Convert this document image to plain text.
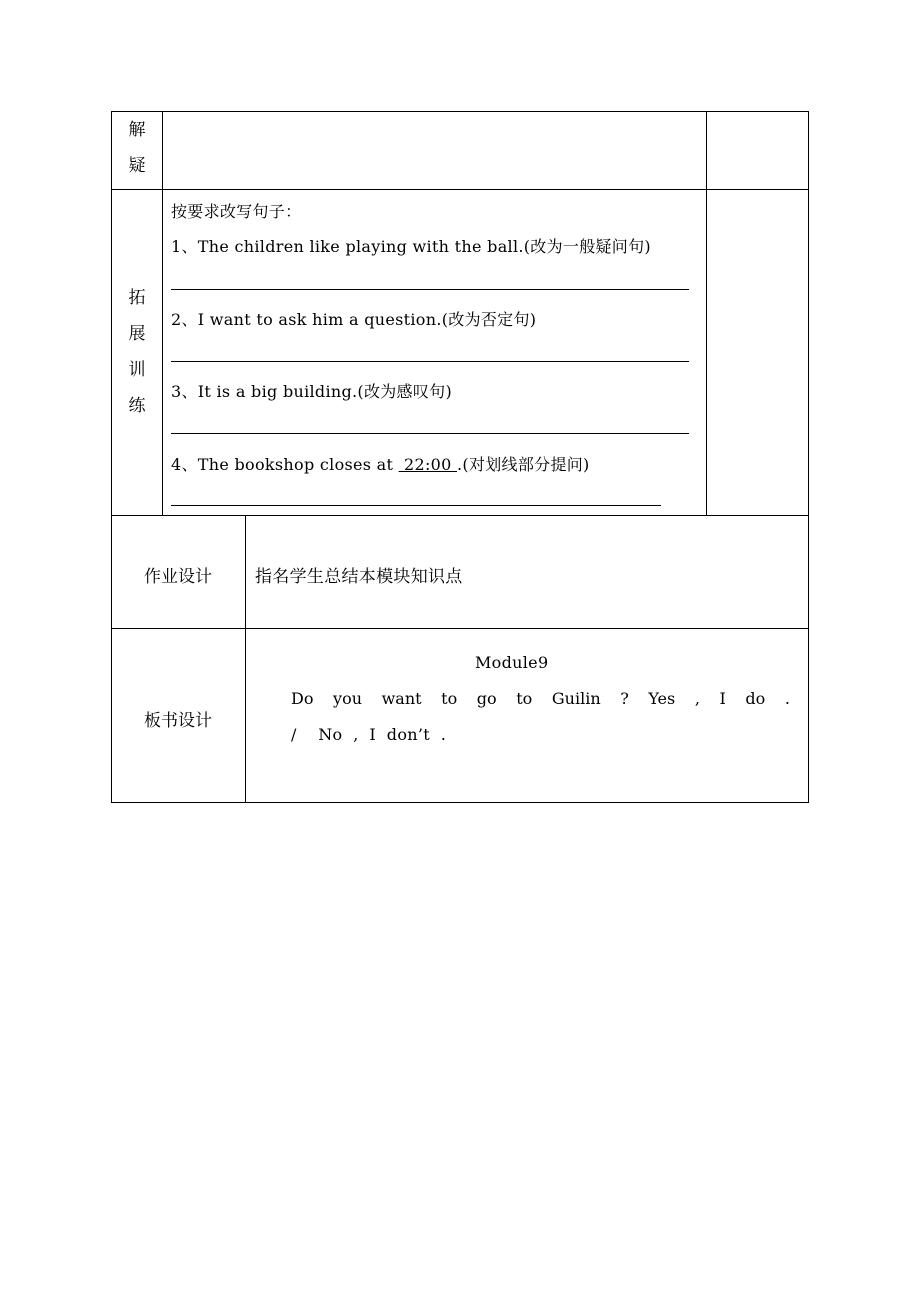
解
疑
拓
展
训
练
按要求改写句子：
1、The children like playing with the ball.(改为一般疑问句)
2、I want to ask him a question.(改为否定句)
3、It is a big building.(改为感叹句)
4、The bookshop closes at  22:00 .(对划线部分提问)
作业设计	指名学生总结本模块知识点
板书设计
Module9
Do you want to go to Guilin ? Yes , I do .
/    No  ,  I  don’t  .
